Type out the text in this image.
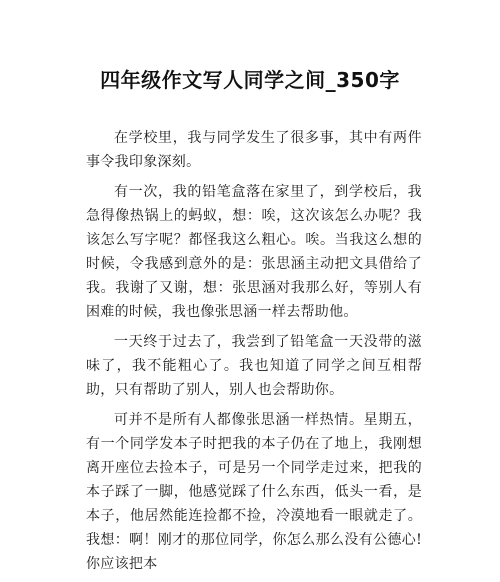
四年级作文写人同学之间_350字

在学校里，我与同学发生了很多事，其中有两件事令我印象深刻。

有一次，我的铅笔盒落在家里了，到学校后，我急得像热锅上的蚂蚁，想：唉，这次该怎么办呢？我该怎么写字呢？都怪我这么粗心。唉。当我这么想的时候，令我感到意外的是：张思涵主动把文具借给了我。我谢了又谢，想：张思涵对我那么好，等别人有困难的时候，我也像张思涵一样去帮助他。

一天终于过去了，我尝到了铅笔盒一天没带的滋味了，我不能粗心了。我也知道了同学之间互相帮助，只有帮助了别人，别人也会帮助你。

可并不是所有人都像张思涵一样热情。星期五，有一个同学发本子时把我的本子仍在了地上，我刚想离开座位去捡本子，可是另一个同学走过来，把我的本子踩了一脚，他感觉踩了什么东西，低头一看，是本子，他居然能连捡都不捡，冷漠地看一眼就走了。我想：啊！刚才的那位同学，你怎么那么没有公德心!你应该把本
